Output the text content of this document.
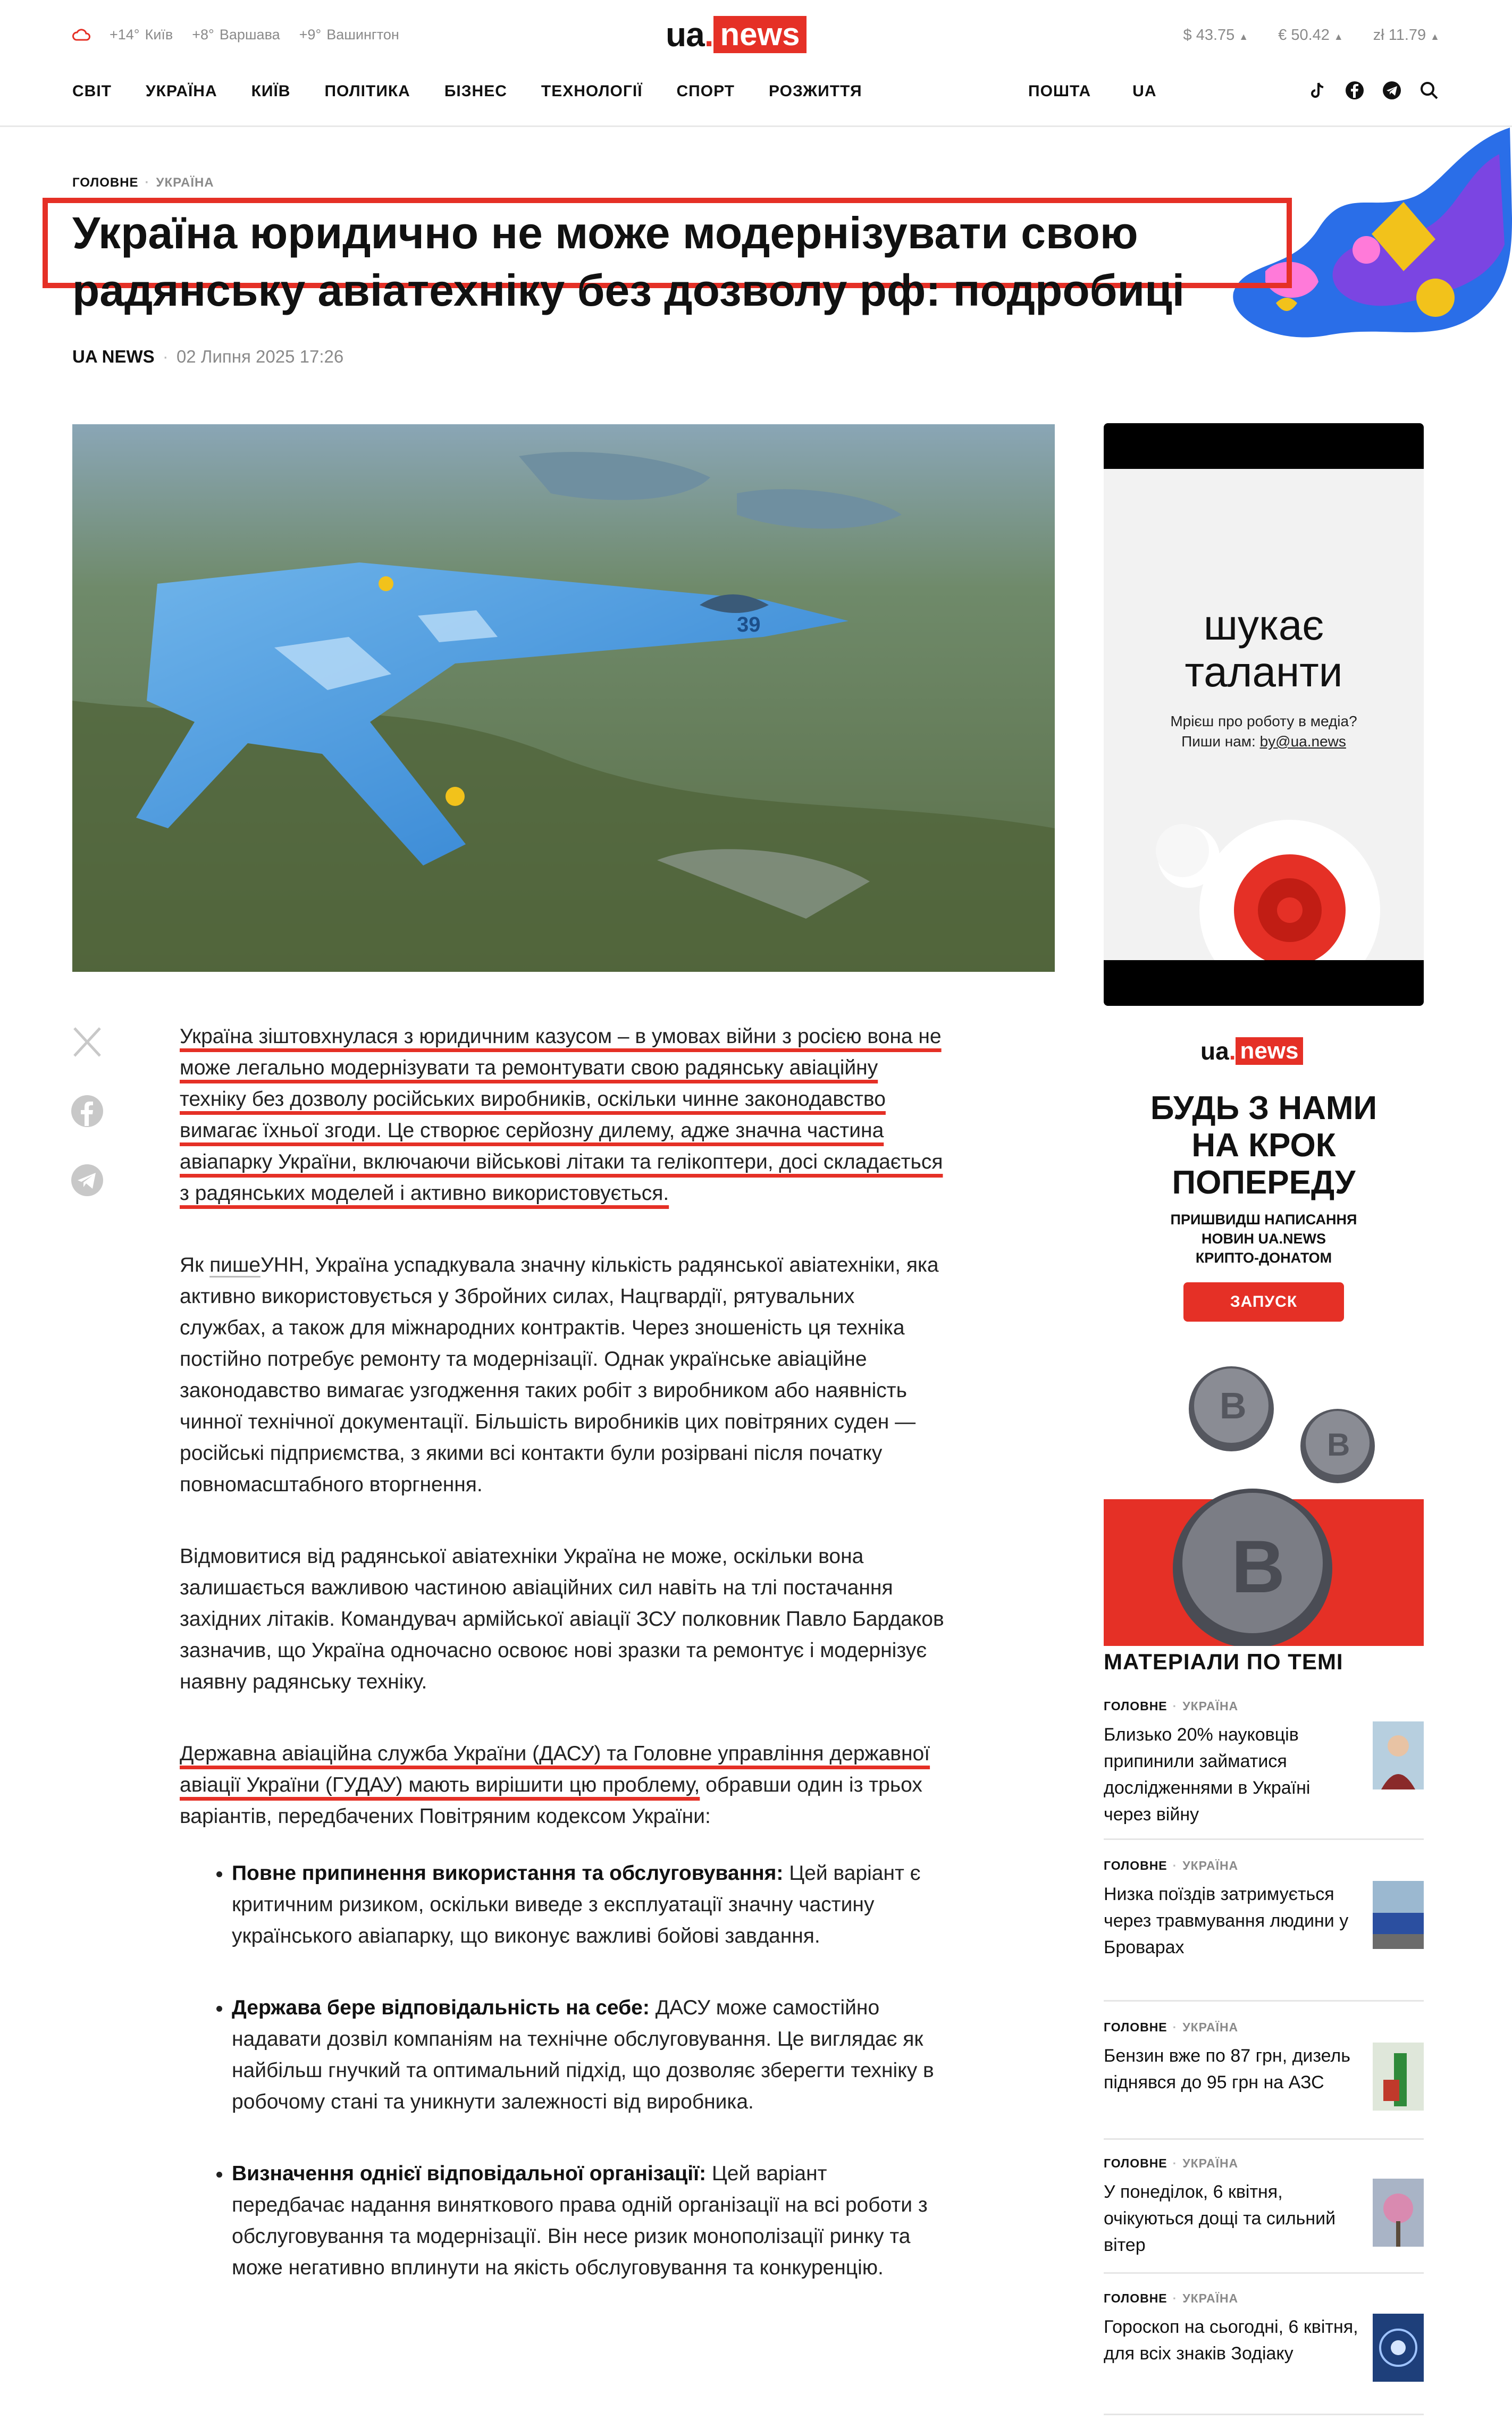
+14° Київ +8° Варшава +9° Вашингтон	ua . news	$ 43.75 ▲ € 50.42 ▲ zł 11.79 ▲
СВІТ УКРАЇНА КИЇВ ПОЛІТИКА БІЗНЕС ТЕХНОЛОГІЇ СПОРТ РОЗЖИТТЯ	ПОШТА	UA
ГОЛОВНЕ · УКРАЇНА
Україна юридично не може модернізувати свою радянську авіатехніку без дозволу рф: подробиці
UA NEWS · 02 Липня 2025 17:26
39

Україна зіштовхнулася з юридичним казусом – в умовах війни з росією вона не може легально модернізувати та ремонтувати свою радянську авіаційну техніку без дозволу російських виробників, оскільки чинне законодавство вимагає їхньої згоди. Це створює серйозну дилему, адже значна частина авіапарку України, включаючи військові літаки та гелікоптери, досі складається з радянських моделей і активно використовується.

Як пишеУНН, Україна успадкувала значну кількість радянської авіатехніки, яка активно використовується у Збройних силах, Нацгвардії, рятувальних службах, а також для міжнародних контрактів. Через зношеність ця техніка постійно потребує ремонту та модернізації. Однак українське авіаційне законодавство вимагає узгодження таких робіт з виробником або наявність чинної технічної документації. Більшість виробників цих повітряних суден — російські підприємства, з якими всі контакти були розірвані після початку повномасштабного вторгнення.

Відмовитися від радянської авіатехніки Україна не може, оскільки вона залишається важливою частиною авіаційних сил навіть на тлі постачання західних літаків. Командувач армійської авіації ЗСУ полковник Павло Бардаков зазначив, що Україна одночасно освоює нові зразки та ремонтує і модернізує наявну радянську техніку.

Державна авіаційна служба України (ДАСУ) та Головне управління державної авіації України (ГУДАУ) мають вирішити цю проблему, обравши один із трьох варіантів, передбачених Повітряним кодексом України:

• Повне припинення використання та обслуговування: Цей варіант є критичним ризиком, оскільки виведе з експлуатації значну частину українського авіапарку, що виконує важливі бойові завдання.
• Держава бере відповідальність на себе: ДАСУ може самостійно надавати дозвіл компаніям на технічне обслуговування. Це виглядає як найбільш гнучкий та оптимальний підхід, що дозволяє зберегти техніку в робочому стані та уникнути залежності від виробника.
• Визначення однієї відповідальної організації: Цей варіант передбачає надання виняткового права одній організації на всі роботи з обслуговування та модернізації. Він несе ризик монополізації ринку та може негативно вплинути на якість обслуговування та конкуренцію.
шукає
таланти
Мрієш про роботу в медіа?
Пиши нам: by@ua.news
ua . news
БУДЬ З НАМИ
НА КРОК
ПОПЕРЕДУ
ПРИШВИДШ НАПИСАННЯ
НОВИН UA.NEWS
КРИПТО-ДОНАТОМ
ЗАПУСК
B
B
B
МАТЕРІАЛИ ПО ТЕМІ
ГОЛОВНЕ · УКРАЇНА
Близько 20% науковців припинили займатися дослідженнями в Україні через війну
ГОЛОВНЕ · УКРАЇНА
Низка поїздів затримується через травмування людини у Броварах
ГОЛОВНЕ · УКРАЇНА
Бензин вже по 87 грн, дизель піднявся до 95 грн на АЗС
ГОЛОВНЕ · УКРАЇНА
У понеділок, 6 квітня, очікуються дощі та сильний вітер
ГОЛОВНЕ · УКРАЇНА
Гороскоп на сьогодні, 6 квітня, для всіх знаків Зодіаку
